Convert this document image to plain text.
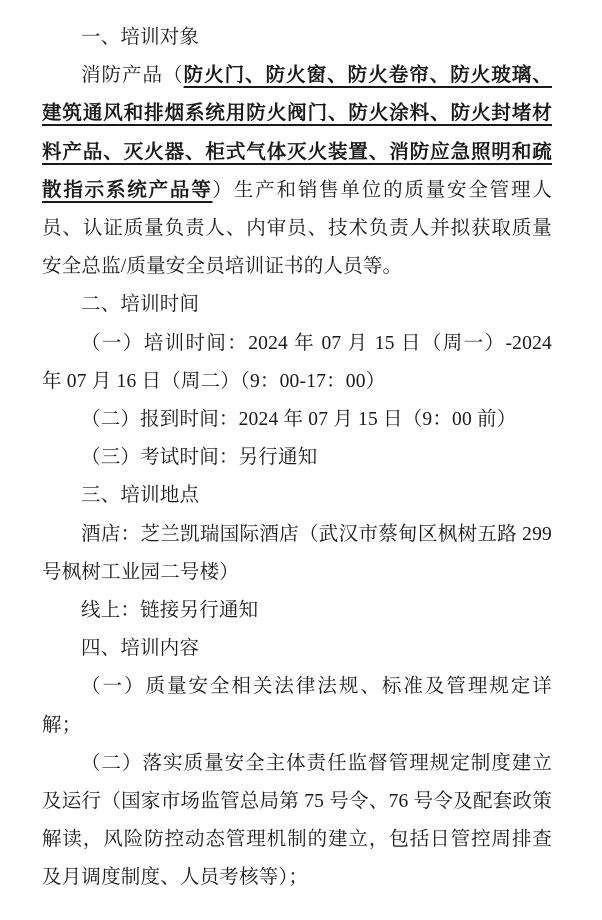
一、培训对象

消防产品（防火门、防火窗、防火卷帘、防火玻璃、建筑通风和排烟系统用防火阀门、防火涂料、防火封堵材料产品、灭火器、柜式气体灭火装置、消防应急照明和疏散指示系统产品等）生产和销售单位的质量安全管理人员、认证质量负责人、内审员、技术负责人并拟获取质量安全总监/质量安全员培训证书的人员等。

二、培训时间

（一）培训时间：2024 年 07 月 15 日（周一）-2024 年 07 月 16 日（周二）（9：00-17：00）

（二）报到时间：2024 年 07 月 15 日（9：00 前）

（三）考试时间：另行通知

三、培训地点

酒店：芝兰凯瑞国际酒店（武汉市蔡甸区枫树五路 299 号枫树工业园二号楼）

线上：链接另行通知

四、培训内容

（一）质量安全相关法律法规、标准及管理规定详解；

（二）落实质量安全主体责任监督管理规定制度建立及运行（国家市场监管总局第 75 号令、76 号令及配套政策解读，风险防控动态管理机制的建立，包括日管控周排查及月调度制度、人员考核等）；
